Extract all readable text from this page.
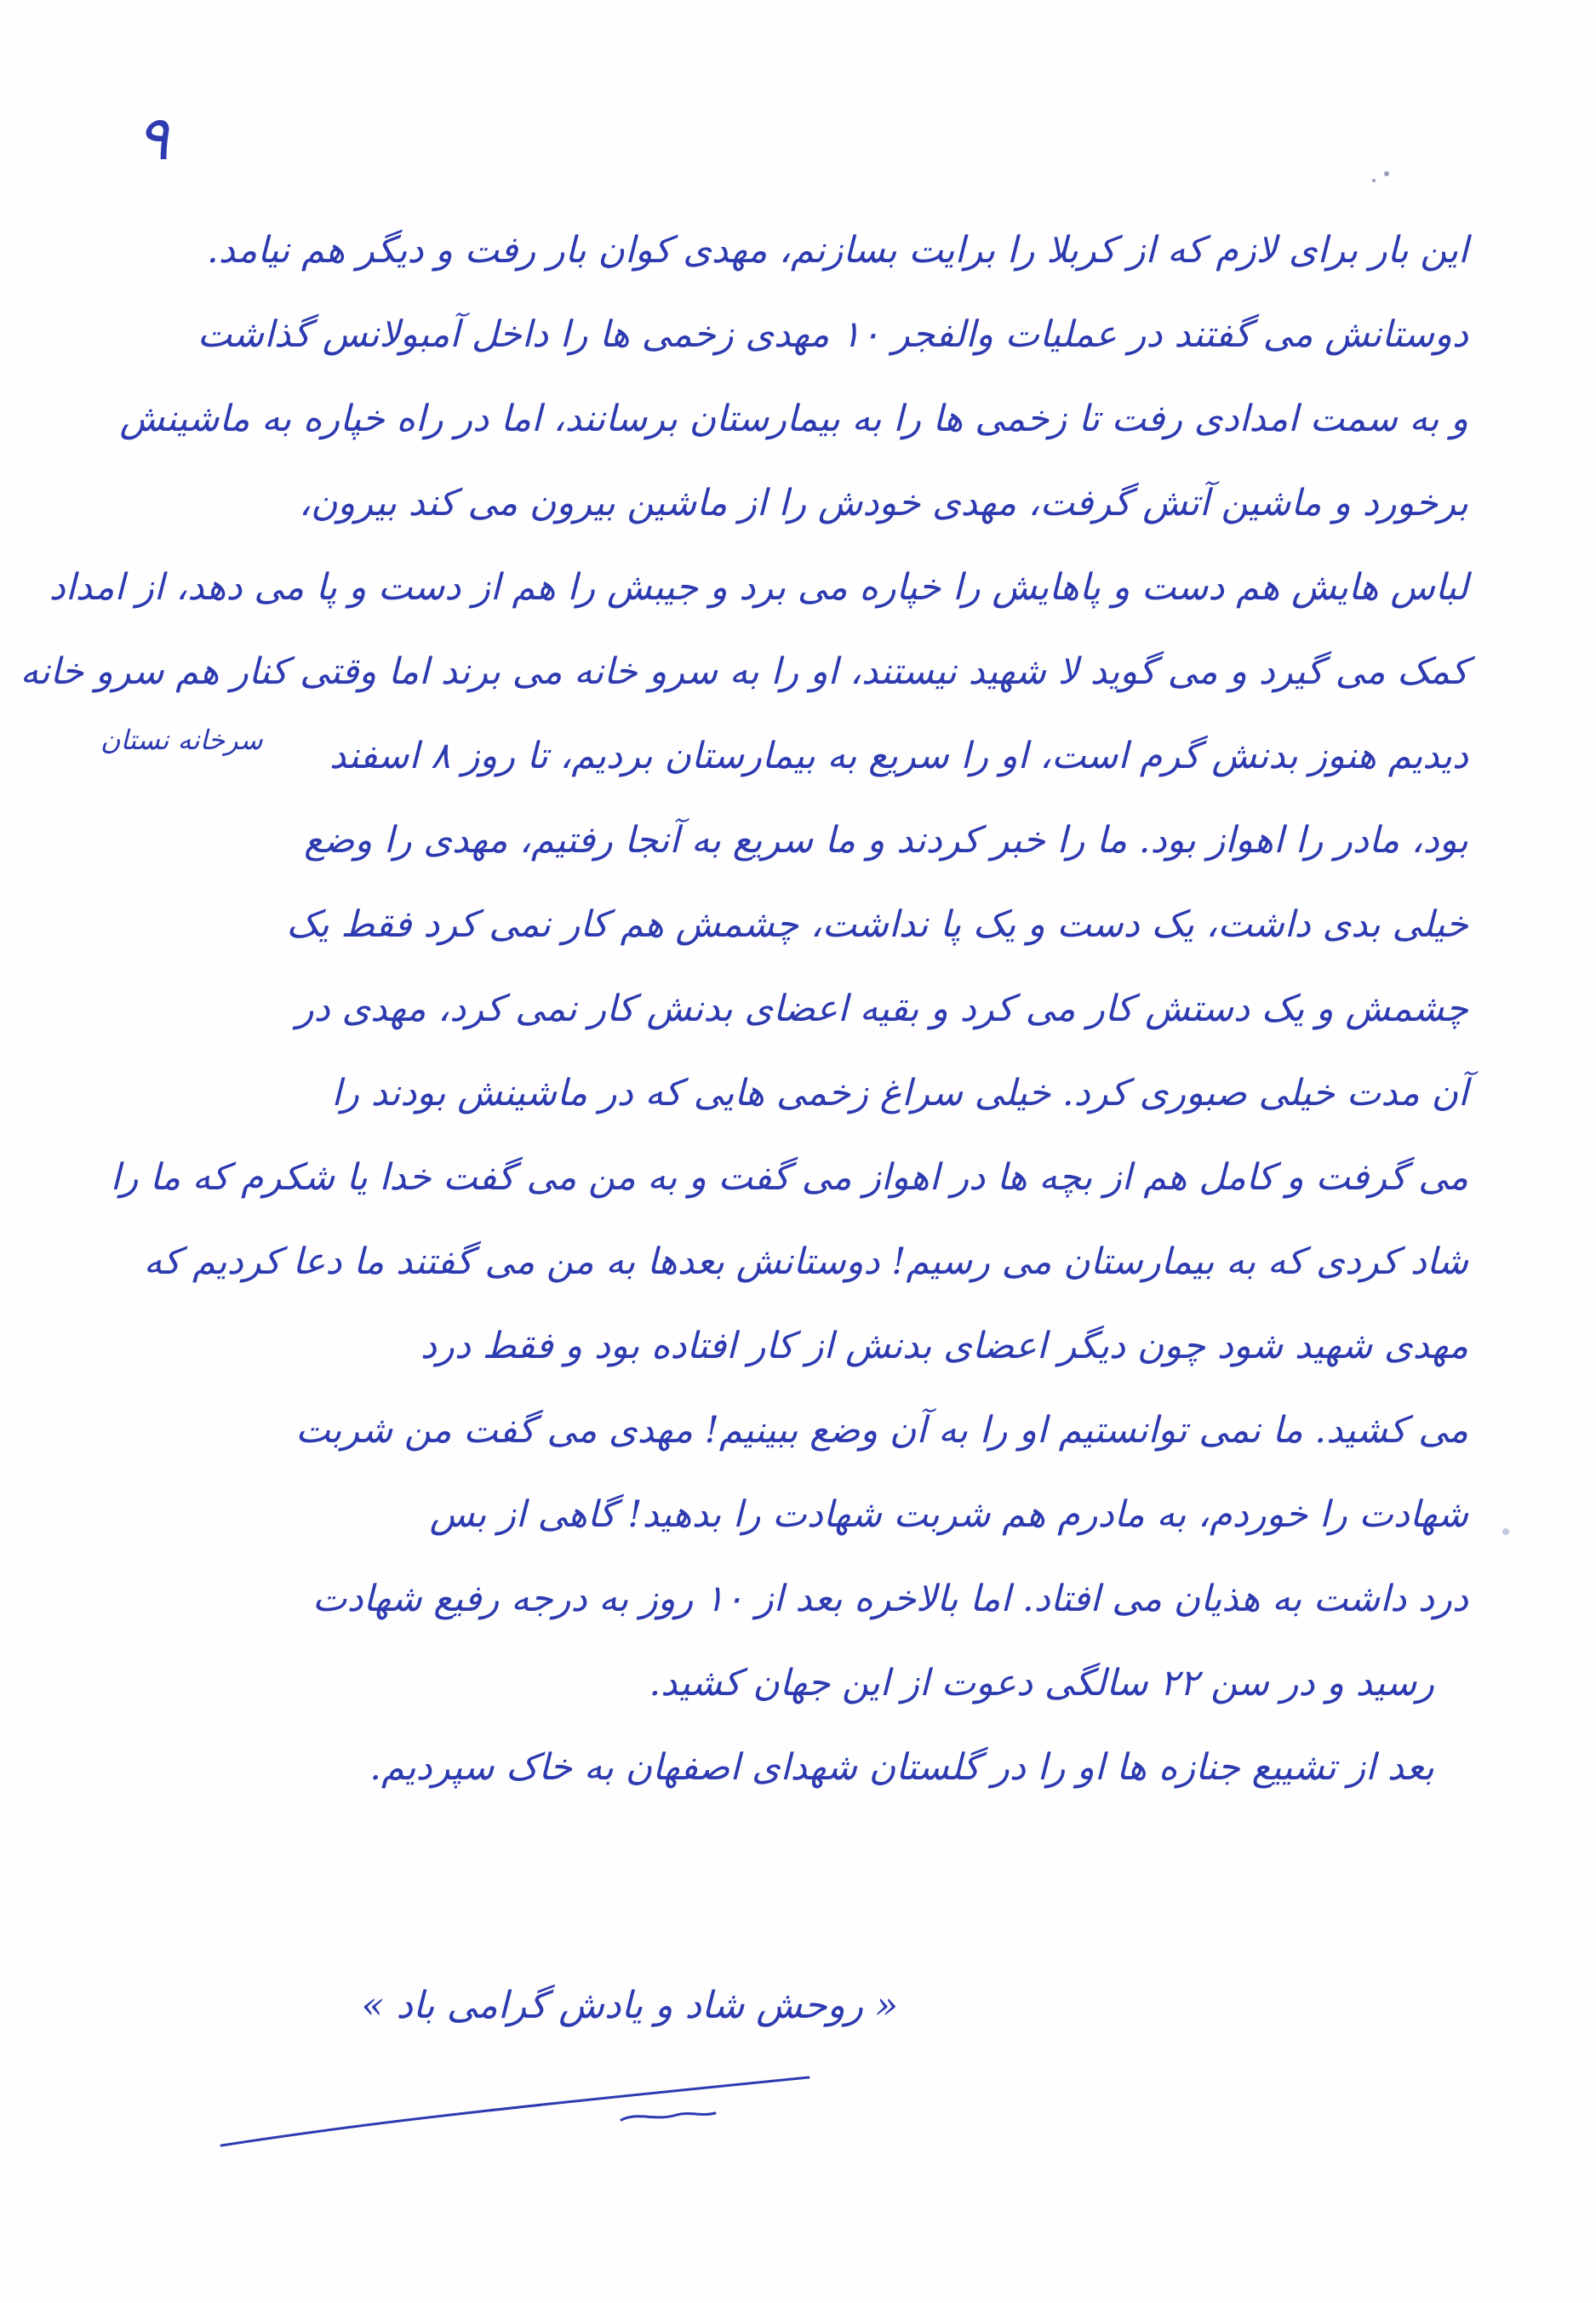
۹
سرخانه نستان
این بار برای لازم که از کربلا را برایت بسازنم، مهدی کوان بار رفت و دیگر هم نیامد.
دوستانش می گفتند در عملیات والفجر ۱۰ مهدی زخمی ها را داخل آمبولانس گذاشت
و به سمت امدادی رفت تا زخمی ها را به بیمارستان برسانند، اما در راه خپاره به ماشینش
برخورد و ماشین آتش گرفت، مهدی خودش را از ماشین بیرون می کند بیرون،
لباس هایش هم دست و پاهایش را خپاره می برد و جیبش را هم از دست و پا می دهد، از امداد
کمک می گیرد و می گوید لا شهید نیستند، او را به سرو خانه می برند اما وقتی کنار هم سرو خانه
دیدیم هنوز بدنش گرم است، او را سریع به بیمارستان بردیم، تا روز ۸ اسفند
بود، مادر را اهواز بود. ما را خبر کردند و ما سریع به آنجا رفتیم، مهدی را وضع
خیلی بدی داشت، یک دست و یک پا نداشت، چشمش هم کار نمی کرد فقط یک
چشمش و یک دستش کار می کرد و بقیه اعضای بدنش کار نمی کرد، مهدی در
آن مدت خیلی صبوری کرد. خیلی سراغ زخمی هایی که در ماشینش بودند را
می گرفت و کامل هم از بچه ها در اهواز می گفت و به من می گفت خدا یا شکرم که ما را
شاد کردی که به بیمارستان می رسیم! دوستانش بعدها به من می گفتند ما دعا کردیم که
مهدی شهید شود چون دیگر اعضای بدنش از کار افتاده بود و فقط درد
می کشید. ما نمی توانستیم او را به آن وضع ببینیم! مهدی می گفت من شربت
شهادت را خوردم، به مادرم هم شربت شهادت را بدهید! گاهی از بس
درد داشت به هذیان می افتاد. اما بالاخره بعد از ۱۰ روز به درجه رفیع شهادت
رسید و در سن ۲۲ سالگی دعوت از این جهان کشید.
بعد از تشییع جنازه ها او را در گلستان شهدای اصفهان به خاک سپردیم.
« روحش شاد و یادش گرامی باد »
